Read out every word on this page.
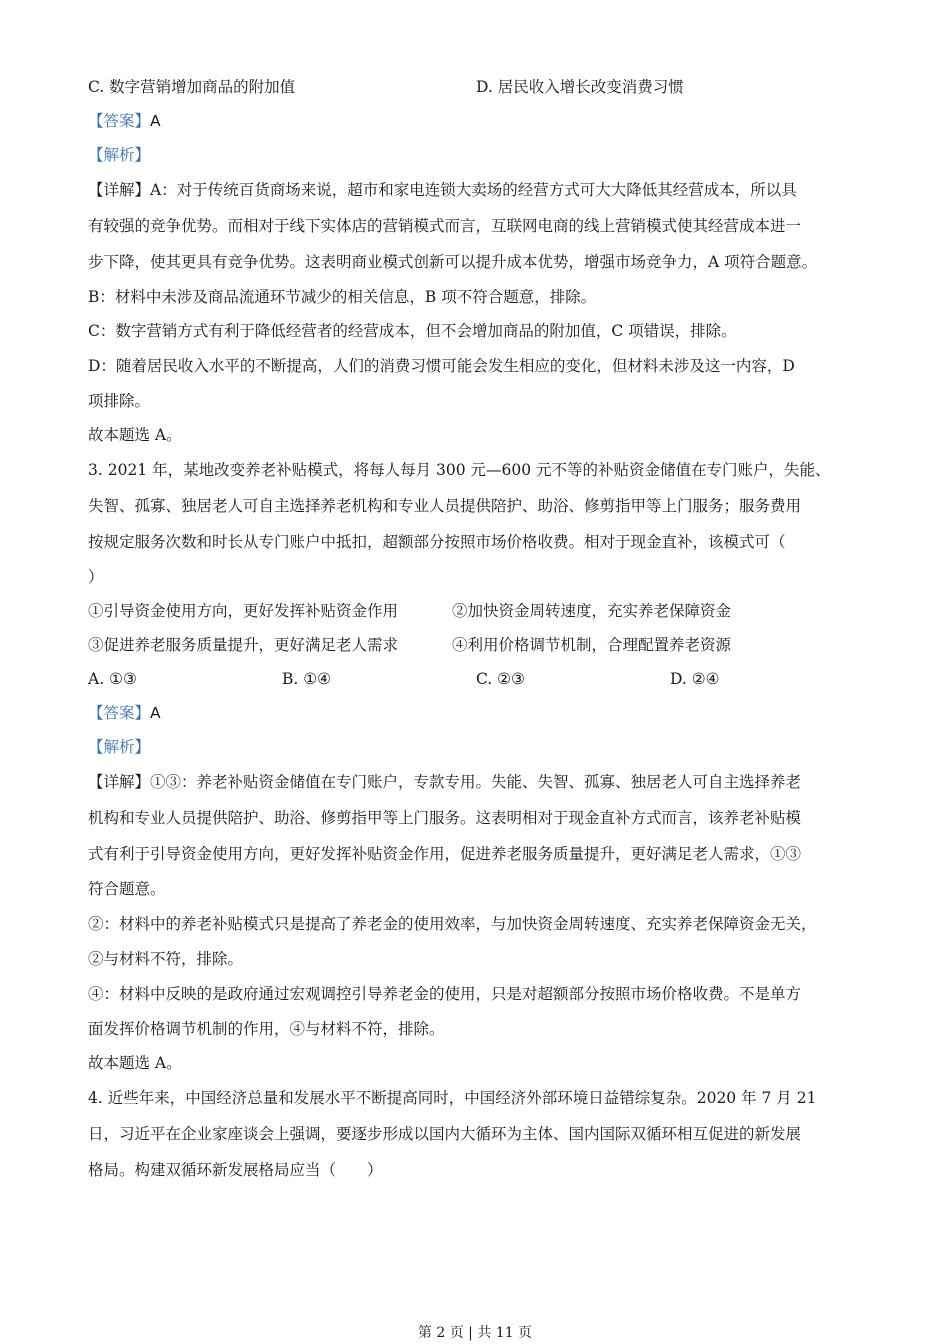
C. 数字营销增加商品的附加值	D. 居民收入增长改变消费习惯
【答案】A
【解析】
【详解】A：对于传统百货商场来说，超市和家电连锁大卖场的经营方式可大大降低其经营成本，所以具
有较强的竞争优势。而相对于线下实体店的营销模式而言，互联网电商的线上营销模式使其经营成本进一
步下降，使其更具有竞争优势。这表明商业模式创新可以提升成本优势，增强市场竞争力，A 项符合题意。
B：材料中未涉及商品流通环节减少的相关信息，B 项不符合题意，排除。
C：数字营销方式有利于降低经营者的经营成本，但不会增加商品的附加值，C 项错误，排除。
D：随着居民收入水平的不断提高，人们的消费习惯可能会发生相应的变化，但材料未涉及这一内容，D
项排除。
故本题选 A。
3. 2021 年，某地改变养老补贴模式，将每人每月 300 元—600 元不等的补贴资金储值在专门账户，失能、
失智、孤寡、独居老人可自主选择养老机构和专业人员提供陪护、助浴、修剪指甲等上门服务；服务费用
按规定服务次数和时长从专门账户中抵扣，超额部分按照市场价格收费。相对于现金直补，该模式可（
）
①引导资金使用方向，更好发挥补贴资金作用	②加快资金周转速度，充实养老保障资金
③促进养老服务质量提升，更好满足老人需求	④利用价格调节机制，合理配置养老资源
A. ①③	B. ①④	C. ②③	D. ②④
【答案】A
【解析】
【详解】①③：养老补贴资金储值在专门账户，专款专用。失能、失智、孤寡、独居老人可自主选择养老
机构和专业人员提供陪护、助浴、修剪指甲等上门服务。这表明相对于现金直补方式而言，该养老补贴模
式有利于引导资金使用方向，更好发挥补贴资金作用，促进养老服务质量提升，更好满足老人需求，①③
符合题意。
②：材料中的养老补贴模式只是提高了养老金的使用效率，与加快资金周转速度、充实养老保障资金无关，
②与材料不符，排除。
④：材料中反映的是政府通过宏观调控引导养老金的使用，只是对超额部分按照市场价格收费。不是单方
面发挥价格调节机制的作用，④与材料不符，排除。
故本题选 A。
4. 近些年来，中国经济总量和发展水平不断提高同时，中国经济外部环境日益错综复杂。2020 年 7 月 21
日，习近平在企业家座谈会上强调，要逐步形成以国内大循环为主体、国内国际双循环相互促进的新发展
格局。构建双循环新发展格局应当（　　）
第 2 页 | 共 11 页
